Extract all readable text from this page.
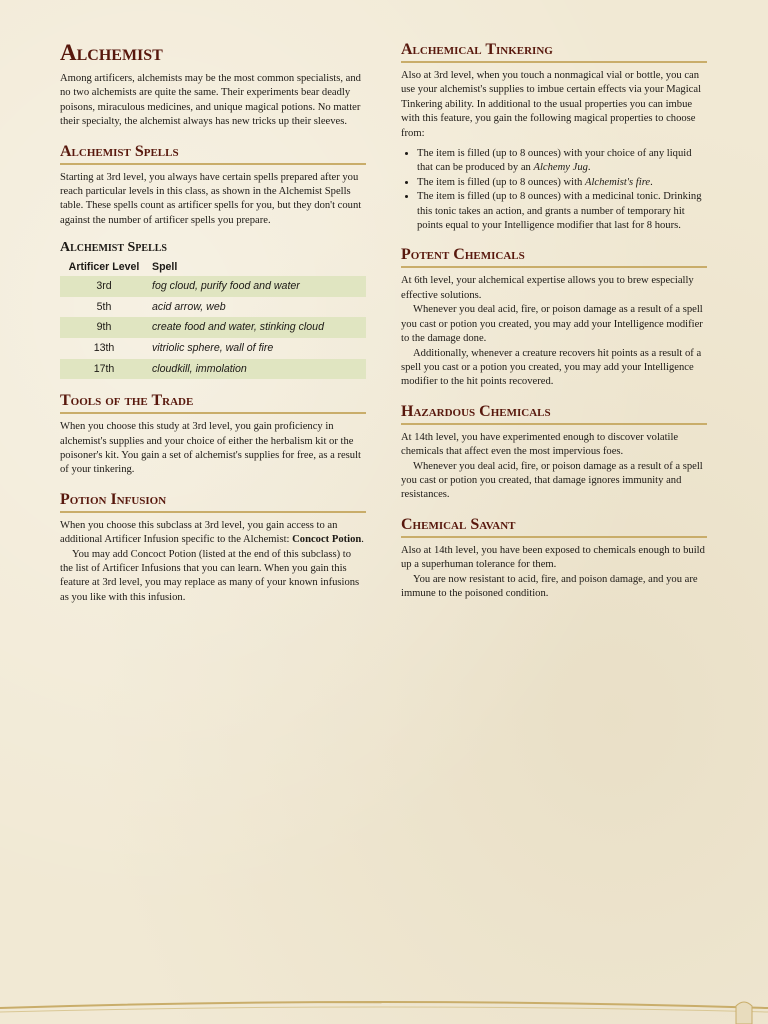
Alchemist

Among artificers, alchemists may be the most common specialists, and no two alchemists are quite the same. Their experiments bear deadly poisons, miraculous medicines, and unique magical potions. No matter their specialty, the alchemist always has new tricks up their sleeves.

Alchemist Spells

Starting at 3rd level, you always have certain spells prepared after you reach particular levels in this class, as shown in the Alchemist Spells table. These spells count as artificer spells for you, but they don't count against the number of artificer spells you prepare.

Alchemist Spells
Artificer Level	Spell
3rd	fog cloud, purify food and water
5th	acid arrow, web
9th	create food and water, stinking cloud
13th	vitriolic sphere, wall of fire
17th	cloudkill, immolation
Tools of the Trade

When you choose this study at 3rd level, you gain proficiency in alchemist's supplies and your choice of either the herbalism kit or the poisoner's kit. You gain a set of alchemist's supplies for free, as a result of your tinkering.

Potion Infusion

When you choose this subclass at 3rd level, you gain access to an additional Artificer Infusion specific to the Alchemist: Concoct Potion.

You may add Concoct Potion (listed at the end of this subclass) to the list of Artificer Infusions that you can learn. When you gain this feature at 3rd level, you may replace as many of your known infusions as you like with this infusion.

Alchemical Tinkering

Also at 3rd level, when you touch a nonmagical vial or bottle, you can use your alchemist's supplies to imbue certain effects via your Magical Tinkering ability. In additional to the usual properties you can imbue with this feature, you gain the following magical properties to choose from:

• The item is filled (up to 8 ounces) with your choice of any liquid that can be produced by an Alchemy Jug.
• The item is filled (up to 8 ounces) with Alchemist's fire.
• The item is filled (up to 8 ounces) with a medicinal tonic. Drinking this tonic takes an action, and grants a number of temporary hit points equal to your Intelligence modifier that last for 8 hours.
Potent Chemicals

At 6th level, your alchemical expertise allows you to brew especially effective solutions.

Whenever you deal acid, fire, or poison damage as a result of a spell you cast or potion you created, you may add your Intelligence modifier to the damage done.

Additionally, whenever a creature recovers hit points as a result of a spell you cast or a potion you created, you may add your Intelligence modifier to the hit points recovered.

Hazardous Chemicals

At 14th level, you have experimented enough to discover volatile chemicals that affect even the most impervious foes.

Whenever you deal acid, fire, or poison damage as a result of a spell you cast or potion you created, that damage ignores immunity and resistances.

Chemical Savant

Also at 14th level, you have been exposed to chemicals enough to build up a superhuman tolerance for them.

You are now resistant to acid, fire, and poison damage, and you are immune to the poisoned condition.
